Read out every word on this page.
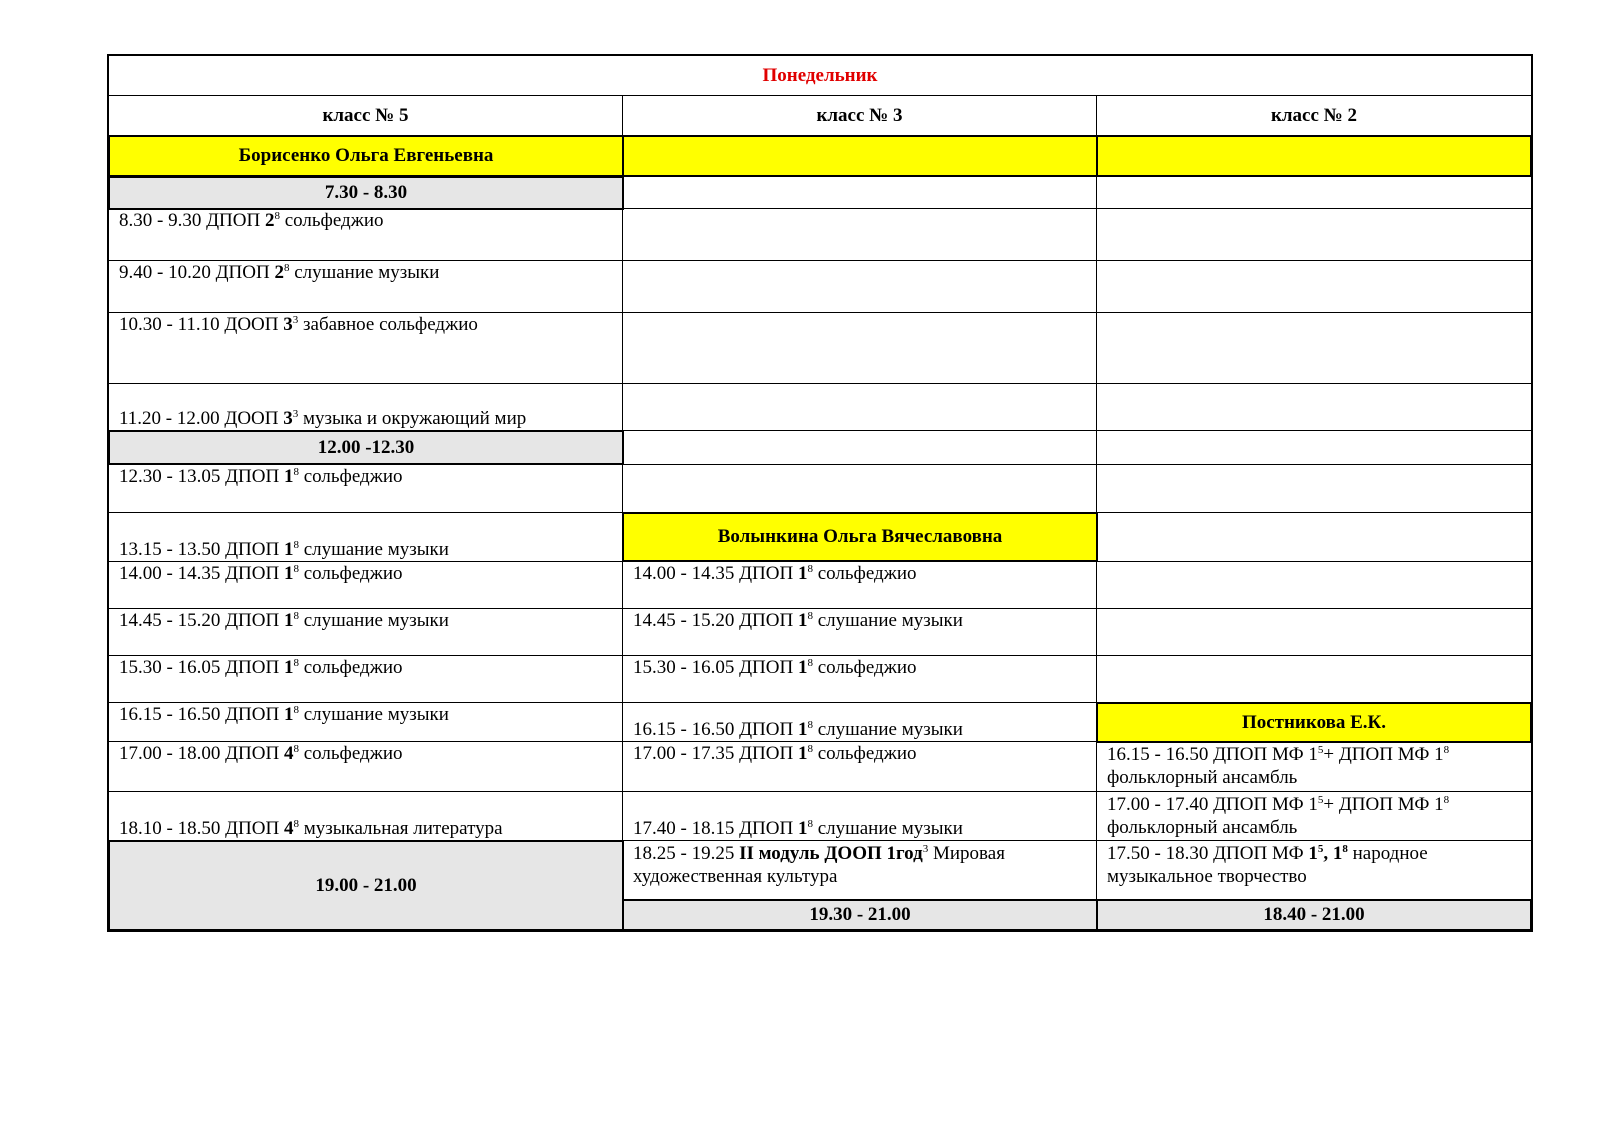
Понедельник
класс № 5	класс № 3	класс № 2
Борисенко Ольга Евгеньевна
7.30 - 8.30
8.30 - 9.30 ДПОП $2^8$ сольфеджио
9.40 - 10.20 ДПОП $2^8$ слушание музыки
10.30 - 11.10 ДООП $3^3$ забавное сольфеджио
11.20 - 12.00 ДООП $3^3$ музыка и окружающий мир
12.00 -12.30
12.30 - 13.05 ДПОП $1^8$ сольфеджио
13.15 - 13.50 ДПОП $1^8$ слушание музыки
14.00 - 14.35 ДПОП $1^8$ сольфеджио
14.45 - 15.20 ДПОП $1^8$ слушание музыки
15.30 - 16.05 ДПОП $1^8$ сольфеджио
16.15 - 16.50 ДПОП $1^8$ слушание музыки
17.00 - 18.00 ДПОП $4^8$ сольфеджио
18.10 - 18.50 ДПОП $4^8$ музыкальная литература
19.00 - 21.00
Волынкина Ольга Вячеславовна
14.00 - 14.35 ДПОП $1^8$ сольфеджио
14.45 - 15.20 ДПОП $1^8$ слушание музыки
15.30 - 16.05 ДПОП $1^8$ сольфеджио
16.15 - 16.50 ДПОП $1^8$ слушание музыки
17.00 - 17.35 ДПОП $1^8$ сольфеджио
17.40 - 18.15 ДПОП $1^8$ слушание музыки
18.25 - 19.25 II модуль ДООП 1год$^3$ Мировая художественная культура
19.30 - 21.00
Постникова Е.К.
16.15 - 16.50 ДПОП МФ $1^5+$ ДПОП МФ $1^8$ фольклорный ансамбль
17.00 - 17.40 ДПОП МФ $1^5+$ ДПОП МФ $1^8$ фольклорный ансамбль
17.50 - 18.30 ДПОП МФ $1^5$, $1^8$ народное музыкальное творчество
18.40 - 21.00
